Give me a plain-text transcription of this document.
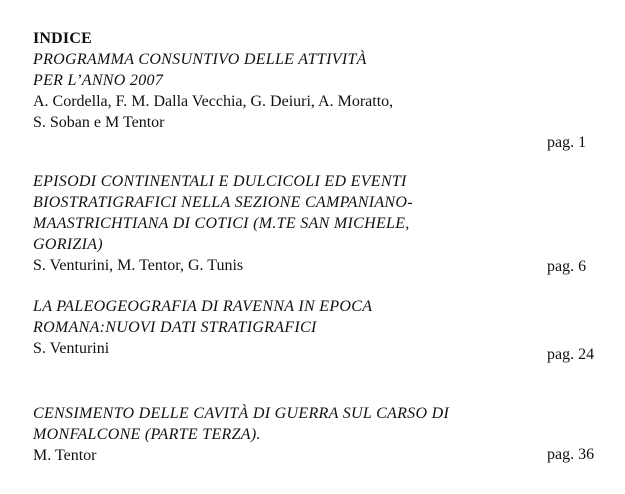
INDICE
PROGRAMMA CONSUNTIVO DELLE ATTIVITÀ
PER L’ANNO 2007
A. Cordella, F. M. Dalla Vecchia, G. Deiuri, A. Moratto,
S. Soban e M Tentor
pag. 1
EPISODI CONTINENTALI E DULCICOLI ED EVENTI
BIOSTRATIGRAFICI NELLA SEZIONE CAMPANIANO-
MAASTRICHTIANA DI COTICI (M.TE SAN MICHELE,
GORIZIA)
S. Venturini, M. Tentor, G. Tunis	pag. 6
LA PALEOGEOGRAFIA DI RAVENNA IN EPOCA
ROMANA:NUOVI DATI STRATIGRAFICI
S. Venturini	pag. 24
CENSIMENTO DELLE CAVITÀ DI GUERRA SUL CARSO DI
MONFALCONE (PARTE TERZA).
M. Tentor	pag. 36
